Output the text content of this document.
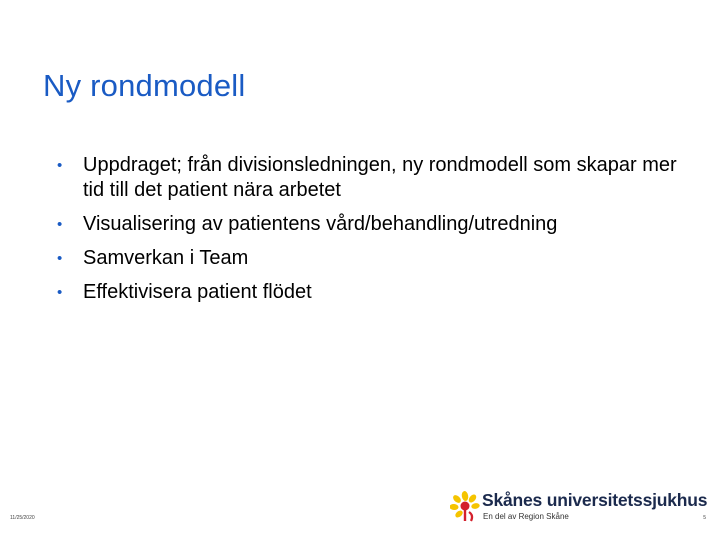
Ny rondmodell
• Uppdraget; från divisionsledningen, ny rondmodell som skapar mer tid till det patient nära arbetet
• Visualisering av patientens vård/behandling/utredning
• Samverkan i Team
• Effektivisera patient flödet
11/25/2020
Skånes universitetssjukhus
En del av Region Skåne	5
